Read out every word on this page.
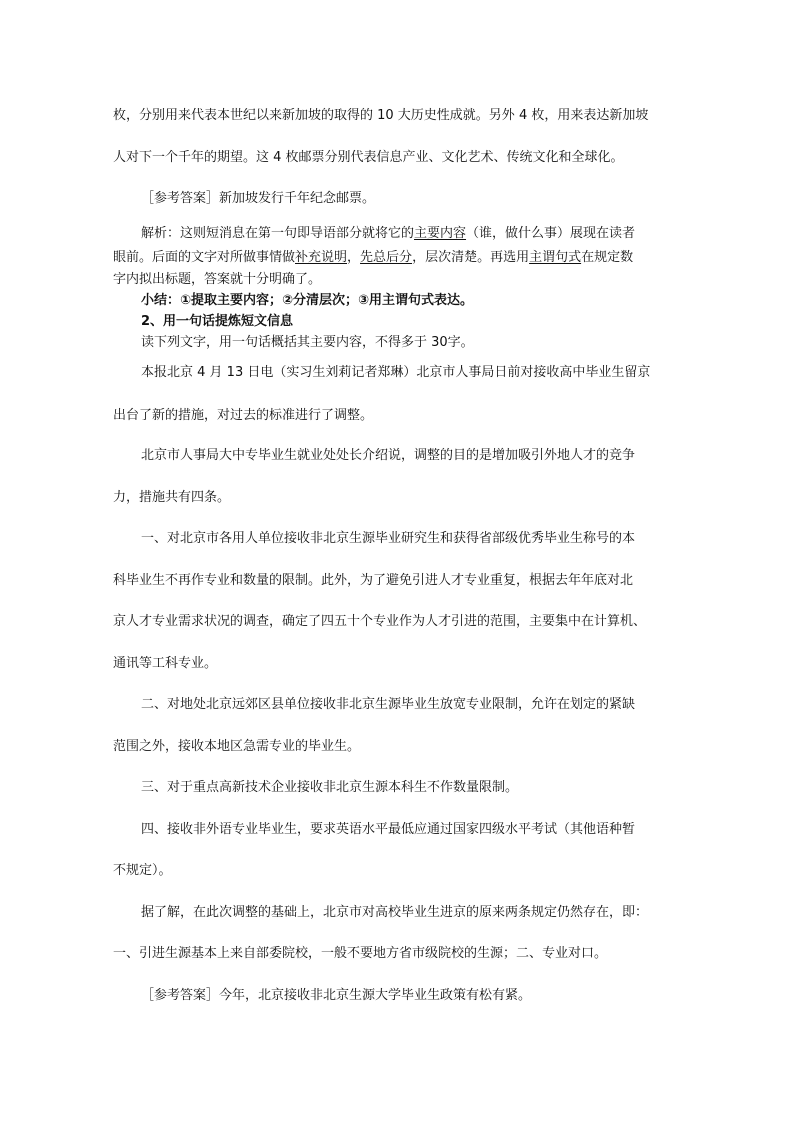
枚，分别用来代表本世纪以来新加坡的取得的 10 大历史性成就。另外 4 枚，用来表达新加坡

人对下一个千年的期望。这 4 枚邮票分别代表信息产业、文化艺术、传统文化和全球化。

［参考答案］新加坡发行千年纪念邮票。

解析：这则短消息在第一句即导语部分就将它的主要内容（谁，做什么事）展现在读者

眼前。后面的文字对所做事情做补充说明，先总后分，层次清楚。再选用主谓句式在规定数

字内拟出标题，答案就十分明确了。

小结：①提取主要内容；②分清层次；③用主谓句式表达。

2、用一句话提炼短文信息

读下列文字，用一句话概括其主要内容，不得多于 30字。

本报北京 4 月 13 日电（实习生刘莉记者郑琳）北京市人事局日前对接收高中毕业生留京

出台了新的措施，对过去的标准进行了调整。

北京市人事局大中专毕业生就业处处长介绍说，调整的目的是增加吸引外地人才的竞争

力，措施共有四条。

一、对北京市各用人单位接收非北京生源毕业研究生和获得省部级优秀毕业生称号的本

科毕业生不再作专业和数量的限制。此外，为了避免引进人才专业重复，根据去年年底对北

京人才专业需求状况的调查，确定了四五十个专业作为人才引进的范围，主要集中在计算机、

通讯等工科专业。

二、对地处北京远郊区县单位接收非北京生源毕业生放宽专业限制，允许在划定的紧缺

范围之外，接收本地区急需专业的毕业生。

三、对于重点高新技术企业接收非北京生源本科生不作数量限制。

四、接收非外语专业毕业生，要求英语水平最低应通过国家四级水平考试（其他语种暂

不规定）。

据了解，在此次调整的基础上，北京市对高校毕业生进京的原来两条规定仍然存在，即：

一、引进生源基本上来自部委院校，一般不要地方省市级院校的生源；二、专业对口。

［参考答案］今年，北京接收非北京生源大学毕业生政策有松有紧。
